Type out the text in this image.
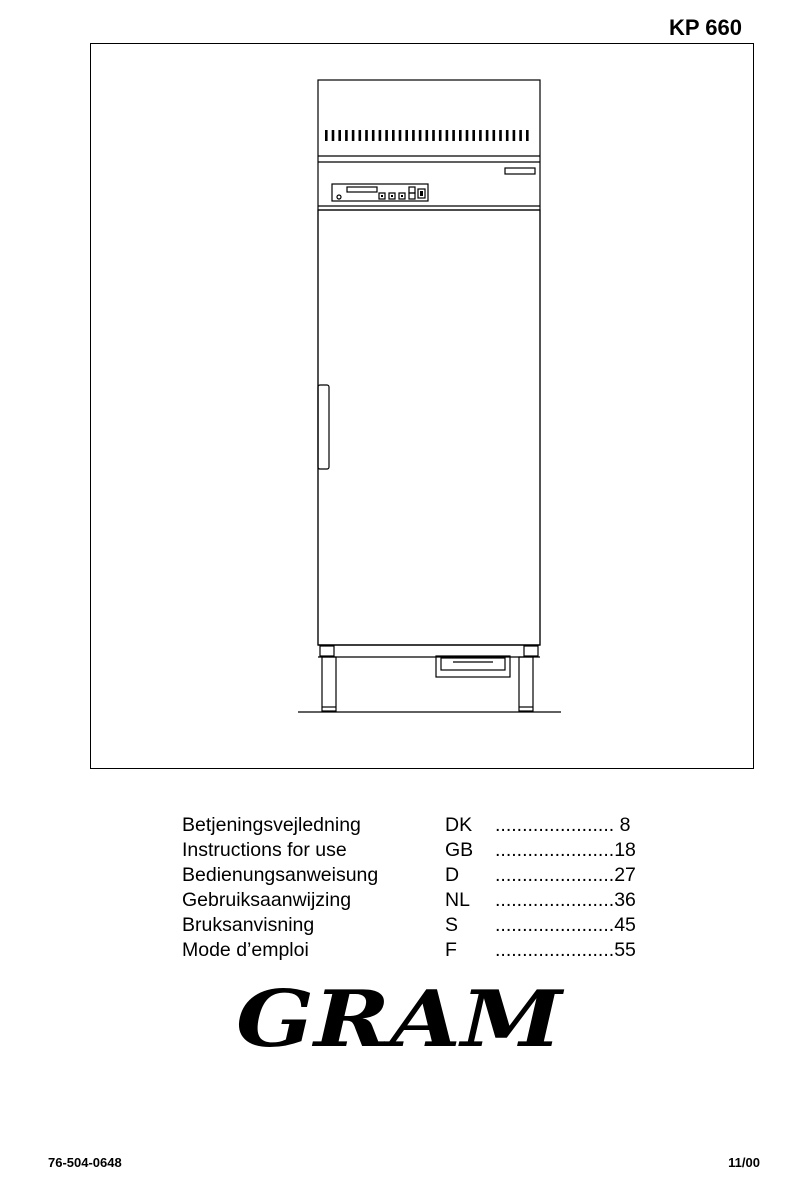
KP 660
Betjeningsvejledning	DK	...................... 8
Instructions for use	GB	......................18
Bedienungsanweisung	D	......................27
Gebruiksaanwijzing	NL	......................36
Bruksanvisning	S	......................45
Mode d’emploi	F	......................55
GRAM
76-504-0648	11/00
